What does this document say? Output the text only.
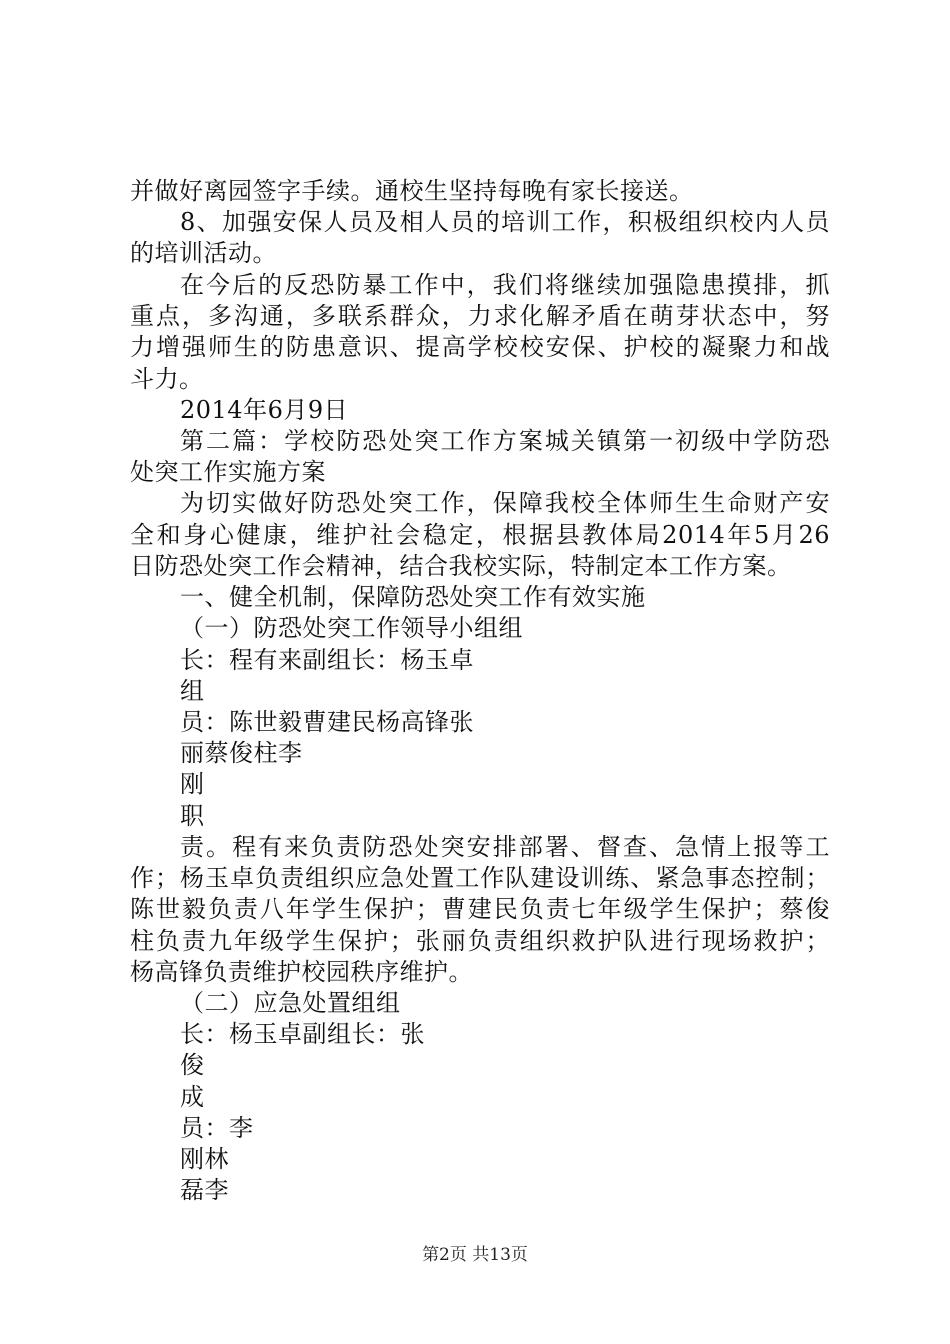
并做好离园签字手续。通校生坚持每晚有家长接送。
8、加强安保人员及相人员的培训工作，积极组织校内人员
的培训活动。
在今后的反恐防暴工作中，我们将继续加强隐患摸排，抓
重点，多沟通，多联系群众，力求化解矛盾在萌芽状态中，努
力增强师生的防患意识、提高学校校安保、护校的凝聚力和战
斗力。
2014年6月9日
第二篇：学校防恐处突工作方案城关镇第一初级中学防恐
处突工作实施方案
为切实做好防恐处突工作，保障我校全体师生生命财产安
全和身心健康，维护社会稳定，根据县教体局2014年5月26
日防恐处突工作会精神，结合我校实际，特制定本工作方案。
一、健全机制，保障防恐处突工作有效实施
（一）防恐处突工作领导小组组
长：程有来副组长：杨玉卓
组
员：陈世毅曹建民杨高锋张
丽蔡俊柱李
刚
职
责。程有来负责防恐处突安排部署、督查、急情上报等工
作；杨玉卓负责组织应急处置工作队建设训练、紧急事态控制；
陈世毅负责八年学生保护；曹建民负责七年级学生保护；蔡俊
柱负责九年级学生保护；张丽负责组织救护队进行现场救护；
杨高锋负责维护校园秩序维护。
（二）应急处置组组
长：杨玉卓副组长：张
俊
成
员：李
刚林
磊李
第2页 共13页
